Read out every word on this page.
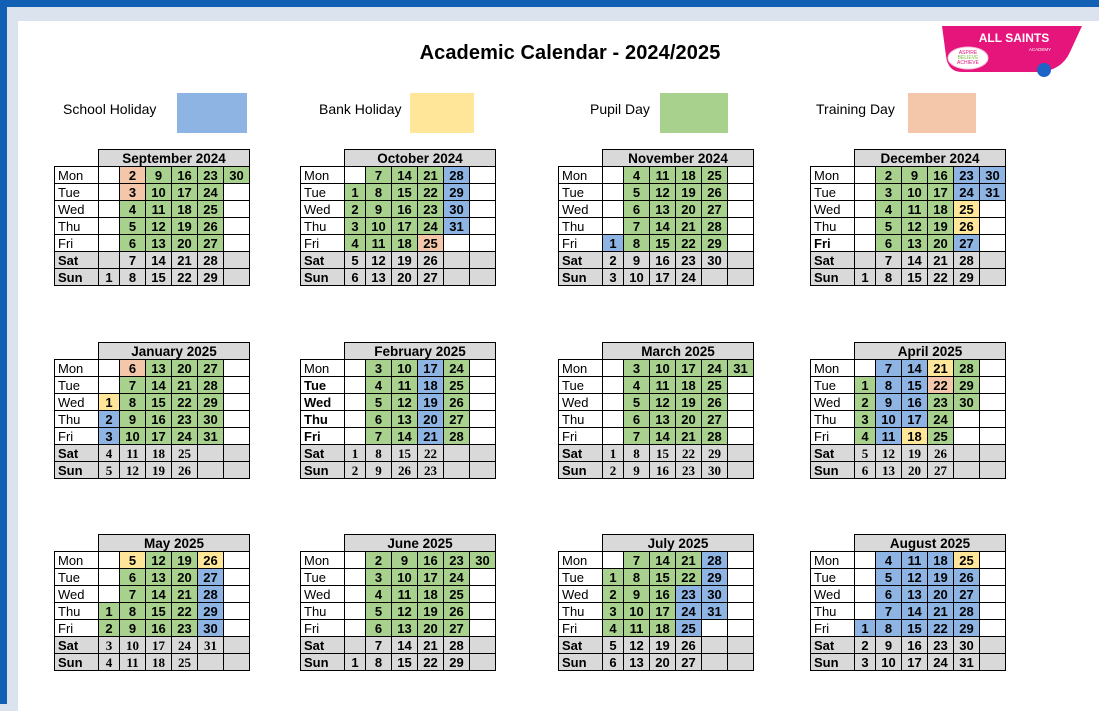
Academic Calendar - 2024/2025
ALL SAINTS
ACADEMY
ASPIRE
BELIEVE
ACHIEVE
School Holiday	Bank Holiday	Pupil Day	Training Day
	September 2024					
Mon		2	9	16	23	30
Tue		3	10	17	24	
Wed		4	11	18	25	
Thu		5	12	19	26	
Fri		6	13	20	27	
Sat		7	14	21	28	
Sun	1	8	15	22	29	
	October 2024					
Mon		7	14	21	28	
Tue	1	8	15	22	29	
Wed	2	9	16	23	30	
Thu	3	10	17	24	31	
Fri	4	11	18	25		
Sat	5	12	19	26		
Sun	6	13	20	27		
	November 2024					
Mon		4	11	18	25	
Tue		5	12	19	26	
Wed		6	13	20	27	
Thu		7	14	21	28	
Fri	1	8	15	22	29	
Sat	2	9	16	23	30	
Sun	3	10	17	24		
	December 2024					
Mon		2	9	16	23	30
Tue		3	10	17	24	31
Wed		4	11	18	25	
Thu		5	12	19	26	
Fri		6	13	20	27	
Sat		7	14	21	28	
Sun	1	8	15	22	29	
	January 2025					
Mon		6	13	20	27	
Tue		7	14	21	28	
Wed	1	8	15	22	29	
Thu	2	9	16	23	30	
Fri	3	10	17	24	31	
Sat	4	11	18	25		
Sun	5	12	19	26		
	February 2025					
Mon		3	10	17	24	
Tue		4	11	18	25	
Wed		5	12	19	26	
Thu		6	13	20	27	
Fri		7	14	21	28	
Sat	1	8	15	22		
Sun	2	9	26	23		
	March 2025					
Mon		3	10	17	24	31
Tue		4	11	18	25	
Wed		5	12	19	26	
Thu		6	13	20	27	
Fri		7	14	21	28	
Sat	1	8	15	22	29	
Sun	2	9	16	23	30	
	April 2025					
Mon		7	14	21	28	
Tue	1	8	15	22	29	
Wed	2	9	16	23	30	
Thu	3	10	17	24		
Fri	4	11	18	25		
Sat	5	12	19	26		
Sun	6	13	20	27		
	May 2025					
Mon		5	12	19	26	
Tue		6	13	20	27	
Wed		7	14	21	28	
Thu	1	8	15	22	29	
Fri	2	9	16	23	30	
Sat	3	10	17	24	31	
Sun	4	11	18	25		
	June 2025					
Mon		2	9	16	23	30
Tue		3	10	17	24	
Wed		4	11	18	25	
Thu		5	12	19	26	
Fri		6	13	20	27	
Sat		7	14	21	28	
Sun	1	8	15	22	29	
	July 2025					
Mon		7	14	21	28	
Tue	1	8	15	22	29	
Wed	2	9	16	23	30	
Thu	3	10	17	24	31	
Fri	4	11	18	25		
Sat	5	12	19	26		
Sun	6	13	20	27		
	August 2025					
Mon		4	11	18	25	
Tue		5	12	19	26	
Wed		6	13	20	27	
Thu		7	14	21	28	
Fri	1	8	15	22	29	
Sat	2	9	16	23	30	
Sun	3	10	17	24	31	
